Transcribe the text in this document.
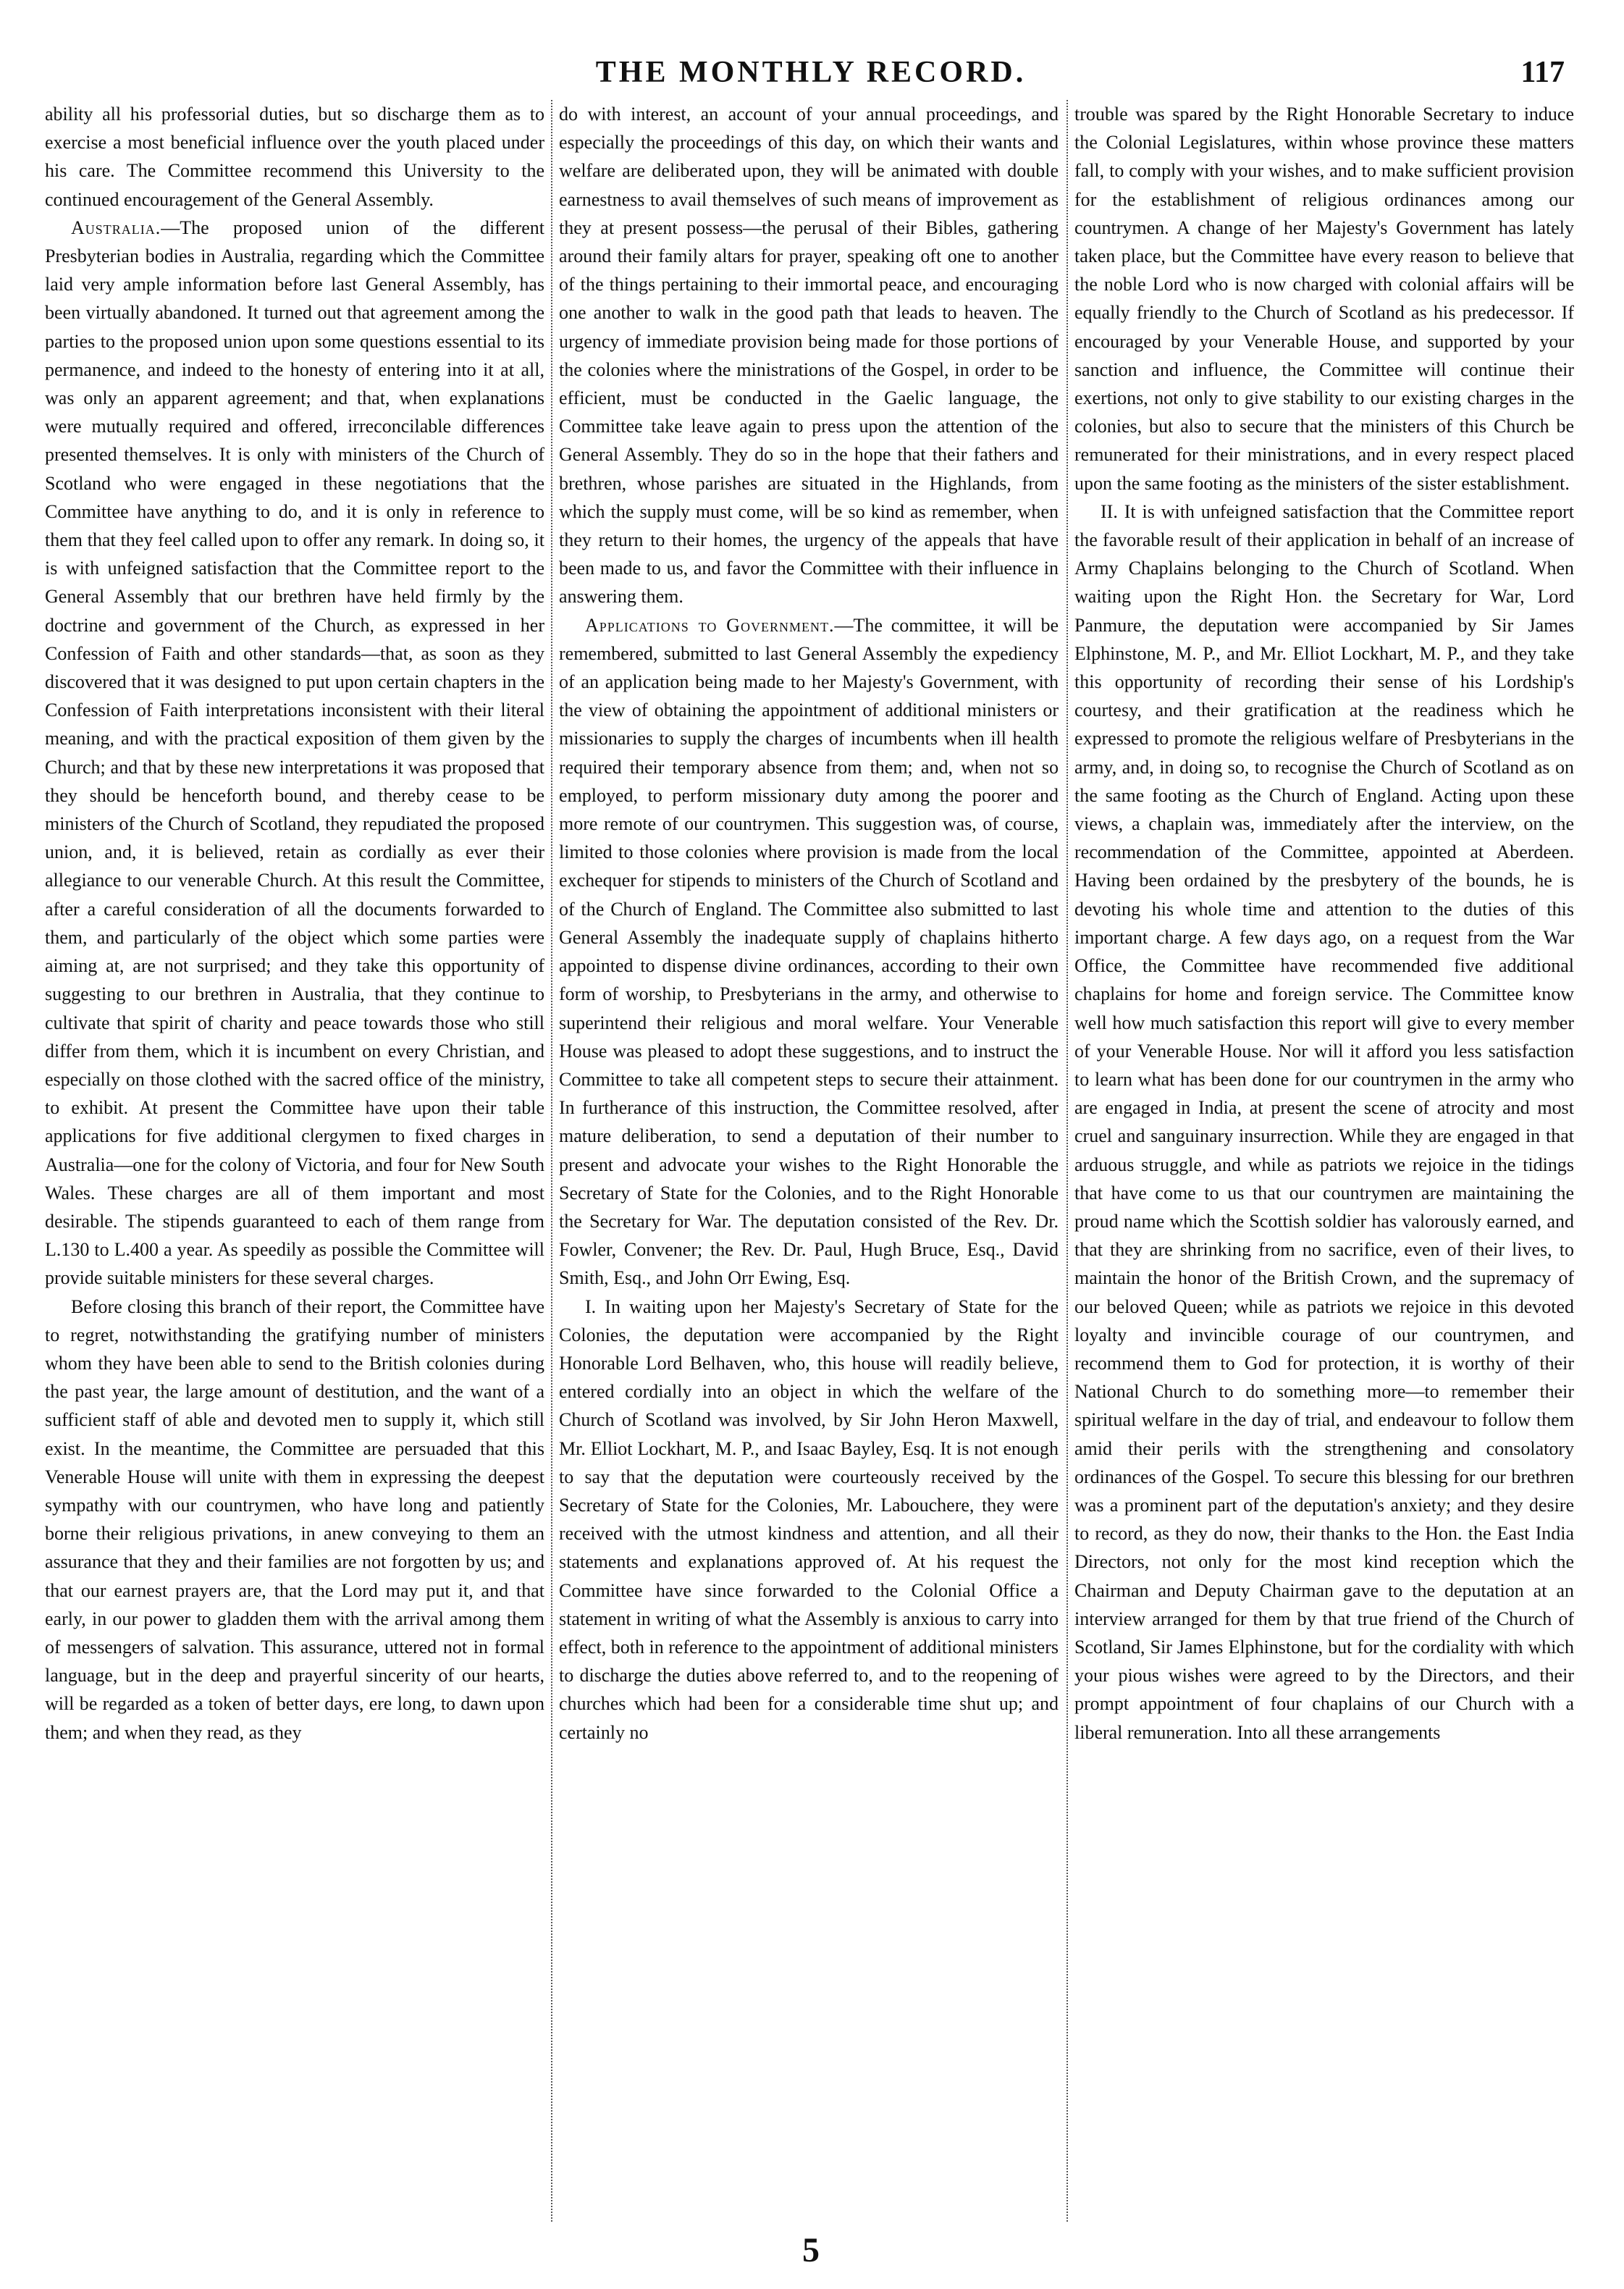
THE MONTHLY RECORD.	117

ability all his professorial duties, but so discharge them as to exercise a most beneficial influence over the youth placed under his care. The Committee recommend this University to the continued encouragement of the General Assembly.

Australia.—The proposed union of the different Presbyterian bodies in Australia, regarding which the Committee laid very ample information before last General Assembly, has been virtually abandoned. It turned out that agreement among the parties to the proposed union upon some questions essential to its permanence, and indeed to the honesty of entering into it at all, was only an apparent agreement; and that, when explanations were mutually required and offered, irreconcilable differences presented themselves. It is only with ministers of the Church of Scotland who were engaged in these negotiations that the Committee have anything to do, and it is only in reference to them that they feel called upon to offer any remark. In doing so, it is with unfeigned satisfaction that the Committee report to the General Assembly that our brethren have held firmly by the doctrine and government of the Church, as expressed in her Confession of Faith and other standards—that, as soon as they discovered that it was designed to put upon certain chapters in the Confession of Faith interpretations inconsistent with their literal meaning, and with the practical exposition of them given by the Church; and that by these new interpretations it was proposed that they should be henceforth bound, and thereby cease to be ministers of the Church of Scotland, they repudiated the proposed union, and, it is believed, retain as cordially as ever their allegiance to our venerable Church. At this result the Committee, after a careful consideration of all the documents forwarded to them, and particularly of the object which some parties were aiming at, are not surprised; and they take this opportunity of suggesting to our brethren in Australia, that they continue to cultivate that spirit of charity and peace towards those who still differ from them, which it is incumbent on every Christian, and especially on those clothed with the sacred office of the ministry, to exhibit. At present the Committee have upon their table applications for five additional clergymen to fixed charges in Australia—one for the colony of Victoria, and four for New South Wales. These charges are all of them important and most desirable. The stipends guaranteed to each of them range from L.130 to L.400 a year. As speedily as possible the Committee will provide suitable ministers for these several charges.

Before closing this branch of their report, the Committee have to regret, notwithstanding the gratifying number of ministers whom they have been able to send to the British colonies during the past year, the large amount of destitution, and the want of a sufficient staff of able and devoted men to supply it, which still exist. In the meantime, the Committee are persuaded that this Venerable House will unite with them in expressing the deepest sympathy with our countrymen, who have long and patiently borne their religious privations, in anew conveying to them an assurance that they and their families are not forgotten by us; and that our earnest prayers are, that the Lord may put it, and that early, in our power to gladden them with the arrival among them of messengers of salvation. This assurance, uttered not in formal language, but in the deep and prayerful sincerity of our hearts, will be regarded as a token of better days, ere long, to dawn upon them; and when they read, as they

do with interest, an account of your annual proceedings, and especially the proceedings of this day, on which their wants and welfare are deliberated upon, they will be animated with double earnestness to avail themselves of such means of improvement as they at present possess—the perusal of their Bibles, gathering around their family altars for prayer, speaking oft one to another of the things pertaining to their immortal peace, and encouraging one another to walk in the good path that leads to heaven. The urgency of immediate provision being made for those portions of the colonies where the ministrations of the Gospel, in order to be efficient, must be conducted in the Gaelic language, the Committee take leave again to press upon the attention of the General Assembly. They do so in the hope that their fathers and brethren, whose parishes are situated in the Highlands, from which the supply must come, will be so kind as remember, when they return to their homes, the urgency of the appeals that have been made to us, and favor the Committee with their influence in answering them.

Applications to Government.—The committee, it will be remembered, submitted to last General Assembly the expediency of an application being made to her Majesty's Government, with the view of obtaining the appointment of additional ministers or missionaries to supply the charges of incumbents when ill health required their temporary absence from them; and, when not so employed, to perform missionary duty among the poorer and more remote of our countrymen. This suggestion was, of course, limited to those colonies where provision is made from the local exchequer for stipends to ministers of the Church of Scotland and of the Church of England. The Committee also submitted to last General Assembly the inadequate supply of chaplains hitherto appointed to dispense divine ordinances, according to their own form of worship, to Presbyterians in the army, and otherwise to superintend their religious and moral welfare. Your Venerable House was pleased to adopt these suggestions, and to instruct the Committee to take all competent steps to secure their attainment. In furtherance of this instruction, the Committee resolved, after mature deliberation, to send a deputation of their number to present and advocate your wishes to the Right Honorable the Secretary of State for the Colonies, and to the Right Honorable the Secretary for War. The deputation consisted of the Rev. Dr. Fowler, Convener; the Rev. Dr. Paul, Hugh Bruce, Esq., David Smith, Esq., and John Orr Ewing, Esq.

I. In waiting upon her Majesty's Secretary of State for the Colonies, the deputation were accompanied by the Right Honorable Lord Belhaven, who, this house will readily believe, entered cordially into an object in which the welfare of the Church of Scotland was involved, by Sir John Heron Maxwell, Mr. Elliot Lockhart, M. P., and Isaac Bayley, Esq. It is not enough to say that the deputation were courteously received by the Secretary of State for the Colonies, Mr. Labouchere, they were received with the utmost kindness and attention, and all their statements and explanations approved of. At his request the Committee have since forwarded to the Colonial Office a statement in writing of what the Assembly is anxious to carry into effect, both in reference to the appointment of additional ministers to discharge the duties above referred to, and to the reopening of churches which had been for a considerable time shut up; and certainly no

trouble was spared by the Right Honorable Secretary to induce the Colonial Legislatures, within whose province these matters fall, to comply with your wishes, and to make sufficient provision for the establishment of religious ordinances among our countrymen. A change of her Majesty's Government has lately taken place, but the Committee have every reason to believe that the noble Lord who is now charged with colonial affairs will be equally friendly to the Church of Scotland as his predecessor. If encouraged by your Venerable House, and supported by your sanction and influence, the Committee will continue their exertions, not only to give stability to our existing charges in the colonies, but also to secure that the ministers of this Church be remunerated for their ministrations, and in every respect placed upon the same footing as the ministers of the sister establishment.

II. It is with unfeigned satisfaction that the Committee report the favorable result of their application in behalf of an increase of Army Chaplains belonging to the Church of Scotland. When waiting upon the Right Hon. the Secretary for War, Lord Panmure, the deputation were accompanied by Sir James Elphinstone, M. P., and Mr. Elliot Lockhart, M. P., and they take this opportunity of recording their sense of his Lordship's courtesy, and their gratification at the readiness which he expressed to promote the religious welfare of Presbyterians in the army, and, in doing so, to recognise the Church of Scotland as on the same footing as the Church of England. Acting upon these views, a chaplain was, immediately after the interview, on the recommendation of the Committee, appointed at Aberdeen. Having been ordained by the presbytery of the bounds, he is devoting his whole time and attention to the duties of this important charge. A few days ago, on a request from the War Office, the Committee have recommended five additional chaplains for home and foreign service. The Committee know well how much satisfaction this report will give to every member of your Venerable House. Nor will it afford you less satisfaction to learn what has been done for our countrymen in the army who are engaged in India, at present the scene of atrocity and most cruel and sanguinary insurrection. While they are engaged in that arduous struggle, and while as patriots we rejoice in the tidings that have come to us that our countrymen are maintaining the proud name which the Scottish soldier has valorously earned, and that they are shrinking from no sacrifice, even of their lives, to maintain the honor of the British Crown, and the supremacy of our beloved Queen; while as patriots we rejoice in this devoted loyalty and invincible courage of our countrymen, and recommend them to God for protection, it is worthy of their National Church to do something more—to remember their spiritual welfare in the day of trial, and endeavour to follow them amid their perils with the strengthening and consolatory ordinances of the Gospel. To secure this blessing for our brethren was a prominent part of the deputation's anxiety; and they desire to record, as they do now, their thanks to the Hon. the East India Directors, not only for the most kind reception which the Chairman and Deputy Chairman gave to the deputation at an interview arranged for them by that true friend of the Church of Scotland, Sir James Elphinstone, but for the cordiality with which your pious wishes were agreed to by the Directors, and their prompt appointment of four chaplains of our Church with a liberal remuneration. Into all these arrangements

5
